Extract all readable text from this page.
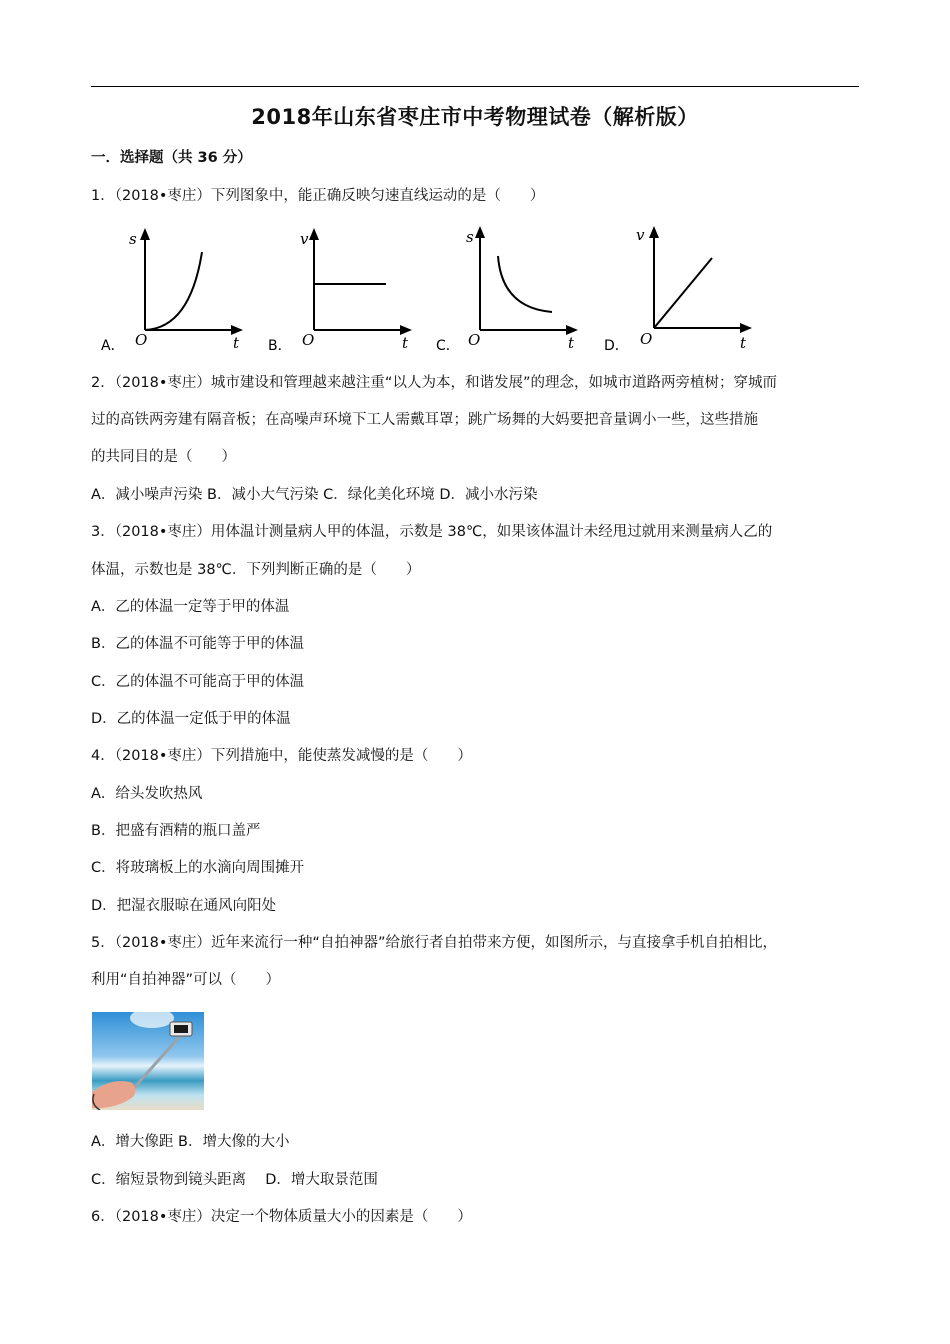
2018年山东省枣庄市中考物理试卷（解析版）
一．选择题（共 36 分）
1．（2018•枣庄）下列图象中，能正确反映匀速直线运动的是（　　）
s
t
O
A．
v
t
O
B．
s
t
O
C．
v
t
O
D．
2．（2018•枣庄）城市建设和管理越来越注重“以人为本，和谐发展”的理念，如城市道路两旁植树；穿城而
过的高铁两旁建有隔音板；在高噪声环境下工人需戴耳罩；跳广场舞的大妈要把音量调小一些，这些措施
的共同目的是（　　）
A．减小噪声污染 B．减小大气污染 C．绿化美化环境 D．减小水污染
3．（2018•枣庄）用体温计测量病人甲的体温，示数是 38℃，如果该体温计未经甩过就用来测量病人乙的
体温，示数也是 38℃．下列判断正确的是（　　）
A．乙的体温一定等于甲的体温
B．乙的体温不可能等于甲的体温
C．乙的体温不可能高于甲的体温
D．乙的体温一定低于甲的体温
4．（2018•枣庄）下列措施中，能使蒸发减慢的是（　　）
A．给头发吹热风
B．把盛有酒精的瓶口盖严
C．将玻璃板上的水滴向周围摊开
D．把湿衣服晾在通风向阳处
5．（2018•枣庄）近年来流行一种“自拍神器”给旅行者自拍带来方便，如图所示，与直接拿手机自拍相比，
利用“自拍神器”可以（　　）
A．增大像距 B．增大像的大小
C．缩短景物到镜头距离　 D．增大取景范围
6．（2018•枣庄）决定一个物体质量大小的因素是（　　）
